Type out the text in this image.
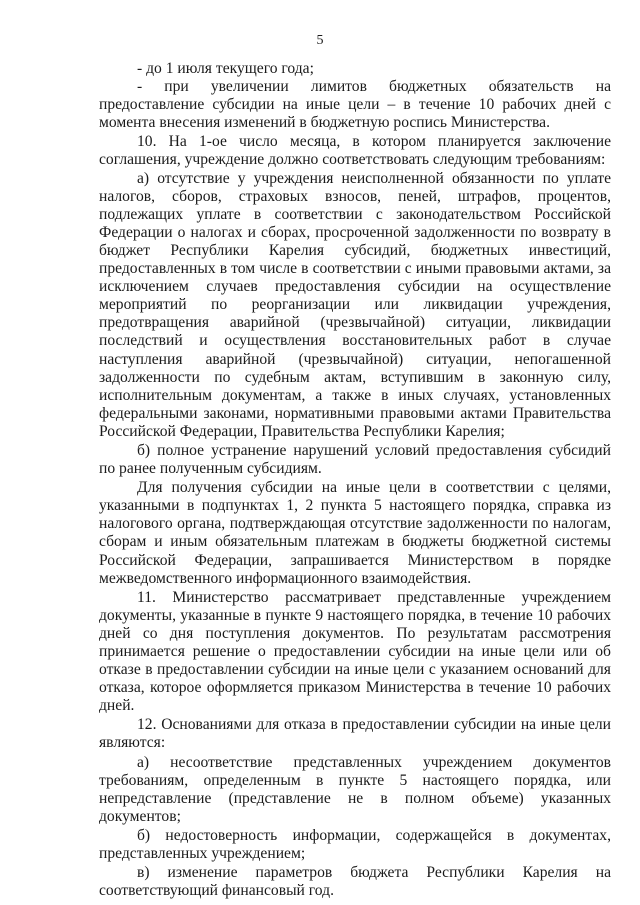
5

- до 1 июля текущего года;

- при увеличении лимитов бюджетных обязательств на предоставление субсидии на иные цели – в течение 10 рабочих дней с момента внесения изменений в бюджетную роспись Министерства.

10. На 1-ое число месяца, в котором планируется заключение соглашения, учреждение должно соответствовать следующим требованиям:

а) отсутствие у учреждения неисполненной обязанности по уплате налогов, сборов, страховых взносов, пеней, штрафов, процентов, подлежащих уплате в соответствии с законодательством Российской Федерации о налогах и сборах, просроченной задолженности по возврату в бюджет Республики Карелия субсидий, бюджетных инвестиций, предоставленных в том числе в соответствии с иными правовыми актами, за исключением случаев предоставления субсидии на осуществление мероприятий по реорганизации или ликвидации учреждения, предотвращения аварийной (чрезвычайной) ситуации, ликвидации последствий и осуществления восстановительных работ в случае наступления аварийной (чрезвычайной) ситуации, непогашенной задолженности по судебным актам, вступившим в законную силу, исполнительным документам, а также в иных случаях, установленных федеральными законами, нормативными правовыми актами Правительства Российской Федерации, Правительства Республики Карелия;

б) полное устранение нарушений условий предоставления субсидий по ранее полученным субсидиям.

Для получения субсидии на иные цели в соответствии с целями, указанными в подпунктах 1, 2 пункта 5 настоящего порядка, справка из налогового органа, подтверждающая отсутствие задолженности по налогам, сборам и иным обязательным платежам в бюджеты бюджетной системы Российской Федерации, запрашивается Министерством в порядке межведомственного информационного взаимодействия.

11. Министерство рассматривает представленные учреждением документы, указанные в пункте 9 настоящего порядка, в течение 10 рабочих дней со дня поступления документов. По результатам рассмотрения принимается решение о предоставлении субсидии на иные цели или об отказе в предоставлении субсидии на иные цели с указанием оснований для отказа, которое оформляется приказом Министерства в течение 10 рабочих дней.

12. Основаниями для отказа в предоставлении субсидии на иные цели являются:

а) несоответствие представленных учреждением документов требованиям, определенным в пункте 5 настоящего порядка, или непредставление (представление не в полном объеме) указанных документов;

б) недостоверность информации, содержащейся в документах, представленных учреждением;

в) изменение параметров бюджета Республики Карелия на соответствующий финансовый год.
